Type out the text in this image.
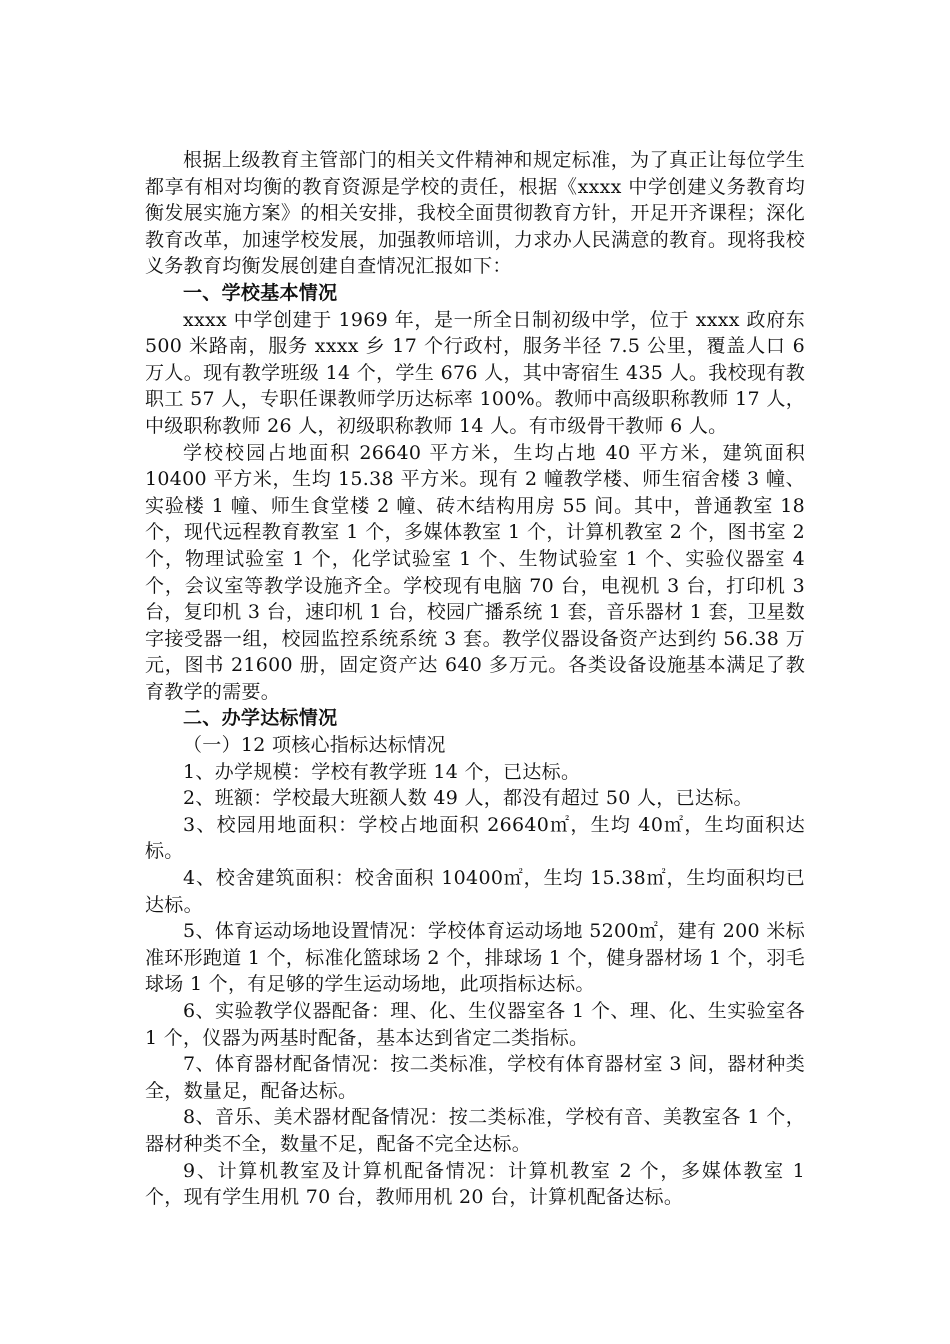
根据上级教育主管部门的相关文件精神和规定标准，为了真正让每位学生都享有相对均衡的教育资源是学校的责任，根据《xxxx 中学创建义务教育均衡发展实施方案》的相关安排，我校全面贯彻教育方针，开足开齐课程；深化教育改革，加速学校发展，加强教师培训，力求办人民满意的教育。现将我校义务教育均衡发展创建自查情况汇报如下：

一、学校基本情况

xxxx 中学创建于 1969 年，是一所全日制初级中学，位于 xxxx 政府东 500 米路南，服务 xxxx 乡 17 个行政村，服务半径 7.5 公里，覆盖人口 6 万人。现有教学班级 14 个，学生 676 人，其中寄宿生 435 人。我校现有教职工 57 人，专职任课教师学历达标率 100%。教师中高级职称教师 17 人，中级职称教师 26 人，初级职称教师 14 人。有市级骨干教师 6 人。

学校校园占地面积 26640 平方米，生均占地 40 平方米，建筑面积 10400 平方米，生均 15.38 平方米。现有 2 幢教学楼、师生宿舍楼 3 幢、实验楼 1 幢、师生食堂楼 2 幢、砖木结构用房 55 间。其中，普通教室 18 个，现代远程教育教室 1 个，多媒体教室 1 个，计算机教室 2 个，图书室 2 个，物理试验室 1 个，化学试验室 1 个、生物试验室 1 个、实验仪器室 4 个，会议室等教学设施齐全。学校现有电脑 70 台，电视机 3 台，打印机 3 台，复印机 3 台，速印机 1 台，校园广播系统 1 套，音乐器材 1 套，卫星数字接受器一组，校园监控系统系统 3 套。教学仪器设备资产达到约 56.38 万元，图书 21600 册，固定资产达 640 多万元。各类设备设施基本满足了教育教学的需要。

二、办学达标情况

（一）12 项核心指标达标情况

1、办学规模：学校有教学班 14 个，已达标。

2、班额：学校最大班额人数 49 人，都没有超过 50 人，已达标。

3、校园用地面积：学校占地面积 26640㎡，生均 40㎡，生均面积达标。

4、校舍建筑面积：校舍面积 10400㎡，生均 15.38㎡，生均面积均已达标。

5、体育运动场地设置情况：学校体育运动场地 5200㎡，建有 200 米标准环形跑道 1 个，标准化篮球场 2 个，排球场 1 个，健身器材场 1 个，羽毛球场 1 个，有足够的学生运动场地，此项指标达标。

6、实验教学仪器配备：理、化、生仪器室各 1 个、理、化、生实验室各 1 个，仪器为两基时配备，基本达到省定二类指标。

7、体育器材配备情况：按二类标准，学校有体育器材室 3 间，器材种类全，数量足，配备达标。

8、音乐、美术器材配备情况：按二类标准，学校有音、美教室各 1 个，器材种类不全，数量不足，配备不完全达标。

9、计算机教室及计算机配备情况：计算机教室 2 个，多媒体教室 1 个，现有学生用机 70 台，教师用机 20 台，计算机配备达标。
